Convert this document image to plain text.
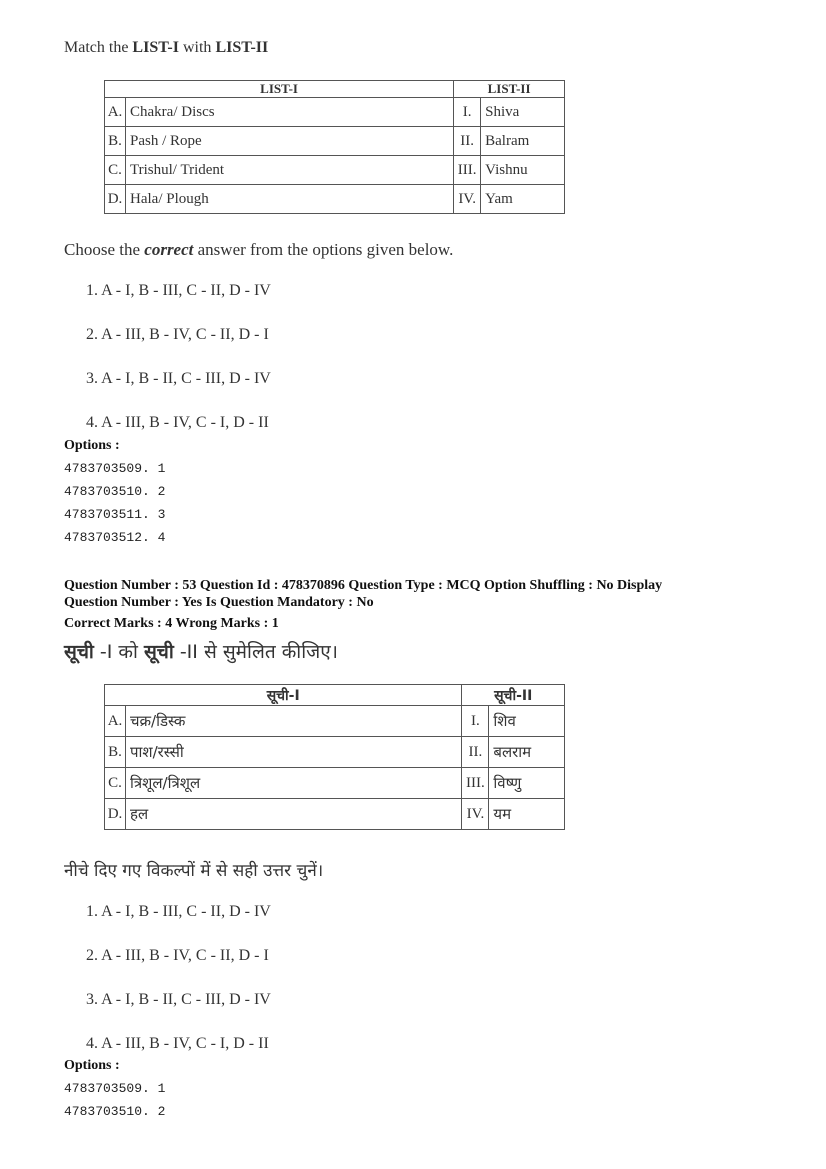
Match the LIST-I with LIST-II
LIST-I		LIST-II	
A.	Chakra/ Discs	I.	Shiva
B.	Pash / Rope	II.	Balram
C.	Trishul/ Trident	III.	Vishnu
D.	Hala/ Plough	IV.	Yam
Choose the correct answer from the options given below.
1. A - I, B - III, C - II, D - IV
2. A - III, B - IV, C - II, D - I
3. A - I, B - II, C - III, D - IV
4. A - III, B - IV, C - I, D - II
Options :
4783703509. 1
4783703510. 2
4783703511. 3
4783703512. 4
Question Number : 53 Question Id : 478370896 Question Type : MCQ Option Shuffling : No Display
Question Number : Yes Is Question Mandatory : No
Correct Marks : 4 Wrong Marks : 1
सूची -I को सूची -II से सुमेलित कीजिए।
सूची-I		सूची-II	
A.	चक्र/डिस्क	I.	शिव
B.	पाश/रस्सी	II.	बलराम
C.	त्रिशूल/त्रिशूल	III.	विष्णु
D.	हल	IV.	यम
नीचे दिए गए विकल्पों में से सही उत्तर चुनें।
1. A - I, B - III, C - II, D - IV
2. A - III, B - IV, C - II, D - I
3. A - I, B - II, C - III, D - IV
4. A - III, B - IV, C - I, D - II
Options :
4783703509. 1
4783703510. 2
